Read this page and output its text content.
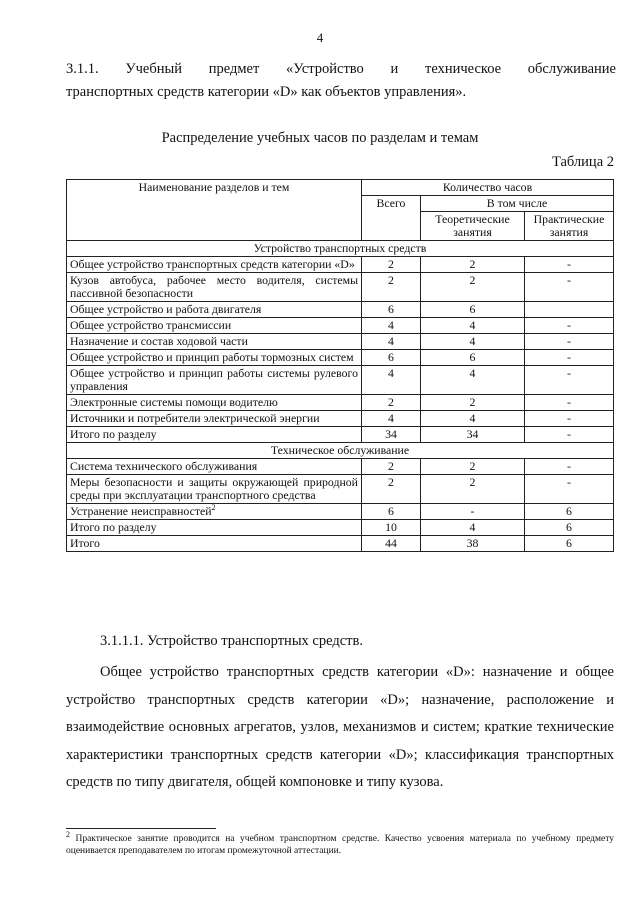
4
3.1.1. Учебный предмет «Устройство и техническое обслуживание
транспортных средств категории «D» как объектов управления».
Распределение учебных часов по разделам и темам
Таблица 2
Наименование разделов и тем	Количество часов		
	Всего	В том числе	
		Теоретические занятия	Практические занятия
Устройство транспортных средств			
Общее устройство транспортных средств категории «D»	2	2	-
Кузов автобуса, рабочее место водителя, системы пассивной безопасности	2	2	-
Общее устройство и работа двигателя	6	6	
Общее устройство трансмиссии	4	4	-
Назначение и состав ходовой части	4	4	-
Общее устройство и принцип работы тормозных систем	6	6	-
Общее устройство и принцип работы системы рулевого управления	4	4	-
Электронные системы помощи водителю	2	2	-
Источники и потребители электрической энергии	4	4	-
Итого по разделу	34	34	-
Техническое обслуживание			
Система технического обслуживания	2	2	-
Меры безопасности и защиты окружающей природной среды при эксплуатации транспортного средства	2	2	-
Устранение неисправностей$^2$	6	-	6
Итого по разделу	10	4	6
Итого	44	38	6
3.1.1.1. Устройство транспортных средств.
Общее устройство транспортных средств категории «D»: назначение и общее устройство транспортных средств категории «D»; назначение, расположение и взаимодействие основных агрегатов, узлов, механизмов и систем; краткие технические характеристики транспортных средств категории «D»; классификация транспортных средств по типу двигателя, общей компоновке и типу кузова.
$^2$ Практическое занятие проводится на учебном транспортном средстве. Качество усвоения материала по учебному предмету оценивается преподавателем по итогам промежуточной аттестации.
